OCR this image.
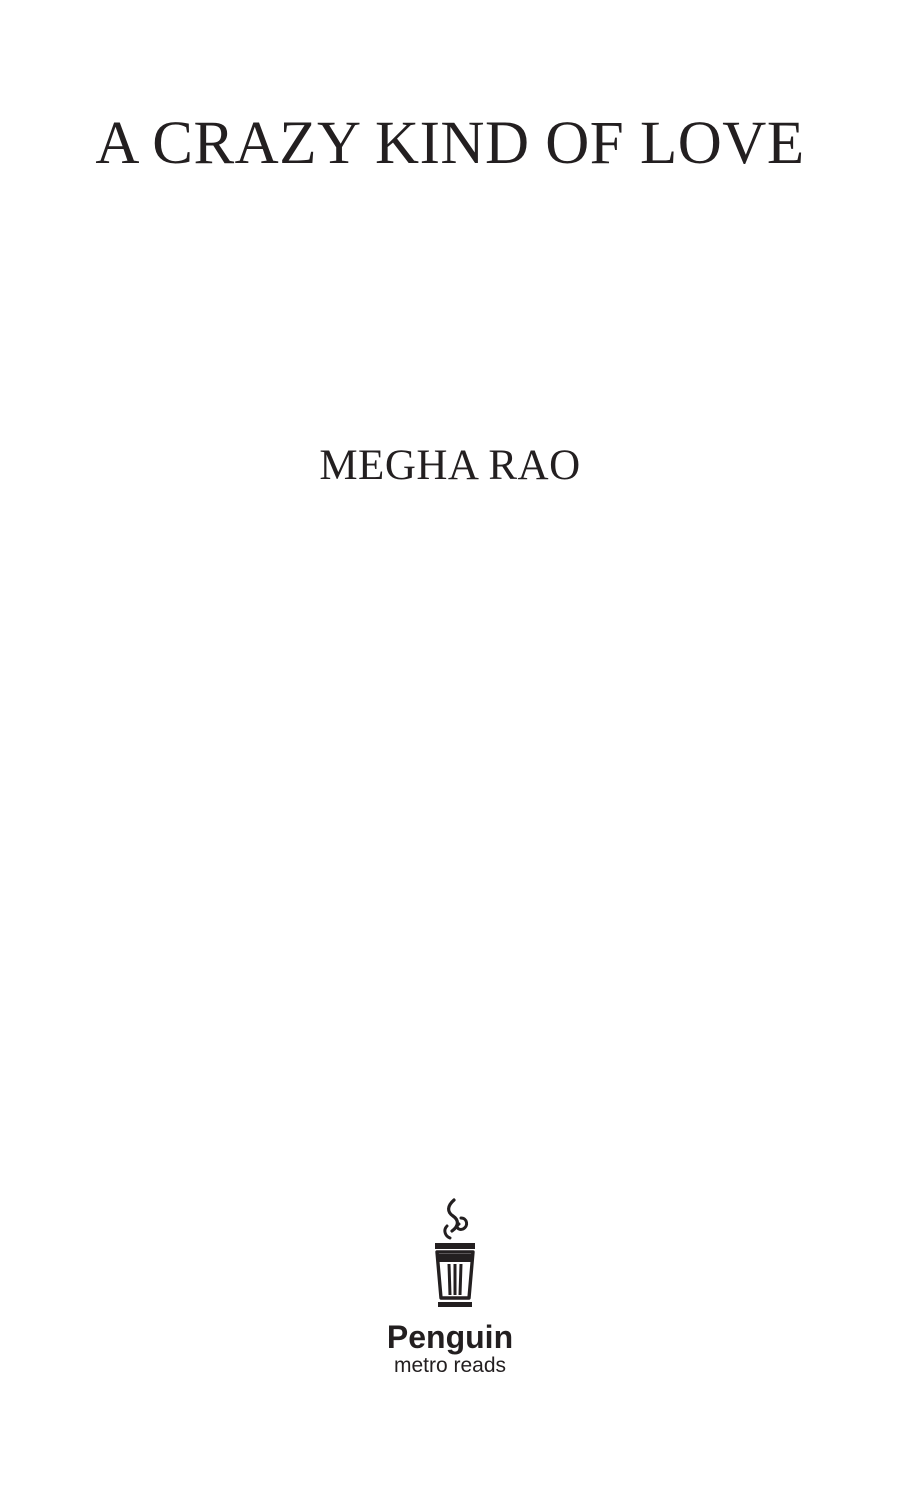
A CRAZY KIND OF LOVE
MEGHA RAO
Penguin
metro reads
